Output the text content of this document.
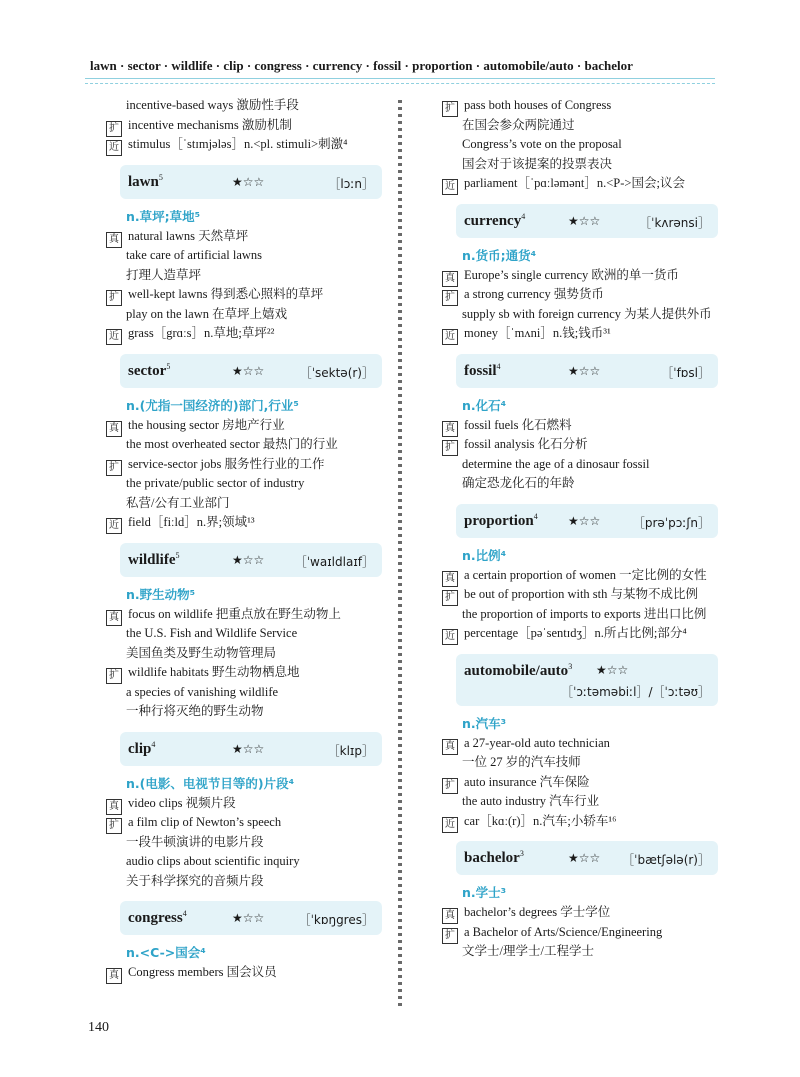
lawn · sector · wildlife · clip · congress · currency · fossil · proportion · automobile/auto · bachelor
incentive-based ways 激励性手段
扩 incentive mechanisms 激励机制
近 stimulus［ˈstɪmjələs］n.<pl. stimuli>刺激⁴
lawn$^5$	★☆☆	［lɔːn］
n.草坪;草地⁵
真 natural lawns 天然草坪
take care of artificial lawns
打理人造草坪
扩 well-kept lawns 得到悉心照料的草坪
play on the lawn 在草坪上嬉戏
近 grass［grɑːs］n.草地;草坪²²
sector$^5$	★☆☆	［ˈsektə(r)］
n.(尤指一国经济的)部门,行业⁵
真 the housing sector 房地产行业
the most overheated sector 最热门的行业
扩 service-sector jobs 服务性行业的工作
the private/public sector of industry
私营/公有工业部门
近 field［fiːld］n.界;领域¹³
wildlife$^5$	★☆☆	［ˈwaɪldlaɪf］
n.野生动物⁵
真 focus on wildlife 把重点放在野生动物上
the U.S. Fish and Wildlife Service
美国鱼类及野生动物管理局
扩 wildlife habitats 野生动物栖息地
a species of vanishing wildlife
一种行将灭绝的野生动物
clip$^4$	★☆☆	［klɪp］
n.(电影、电视节目等的)片段⁴
真 video clips 视频片段
扩 a film clip of Newton’s speech
一段牛顿演讲的电影片段
audio clips about scientific inquiry
关于科学探究的音频片段
congress$^4$	★☆☆	［ˈkɒŋgres］
n.<C->国会⁴
真 Congress members 国会议员
扩 pass both houses of Congress
在国会参众两院通过
Congress’s vote on the proposal
国会对于该提案的投票表决
近 parliament［ˈpɑːləmənt］n.<P->国会;议会
currency$^4$	★☆☆	［ˈkʌrənsi］
n.货币;通货⁴
真 Europe’s single currency 欧洲的单一货币
扩 a strong currency 强势货币
supply sb with foreign currency 为某人提供外币
近 money［ˈmʌni］n.钱;钱币³¹
fossil$^4$	★☆☆	［ˈfɒsl］
n.化石⁴
真 fossil fuels 化石燃料
扩 fossil analysis 化石分析
determine the age of a dinosaur fossil
确定恐龙化石的年龄
proportion$^4$	★☆☆	［prəˈpɔːʃn］
n.比例⁴
真 a certain proportion of women 一定比例的女性
扩 be out of proportion with sth 与某物不成比例
the proportion of imports to exports 进出口比例
近 percentage［pəˈsentɪdʒ］n.所占比例;部分⁴
automobile/auto$^3$ ★☆☆
［ˈɔːtəməbiːl］/［ˈɔːtəʊ］
n.汽车³
真 a 27-year-old auto technician
一位 27 岁的汽车技师
扩 auto insurance 汽车保险
the auto industry 汽车行业
近 car［kɑː(r)］n.汽车;小轿车¹⁶
bachelor$^3$	★☆☆ ［ˈbætʃələ(r)］
n.学士³
真 bachelor’s degrees 学士学位
扩 a Bachelor of Arts/Science/Engineering
文学士/理学士/工程学士
140
